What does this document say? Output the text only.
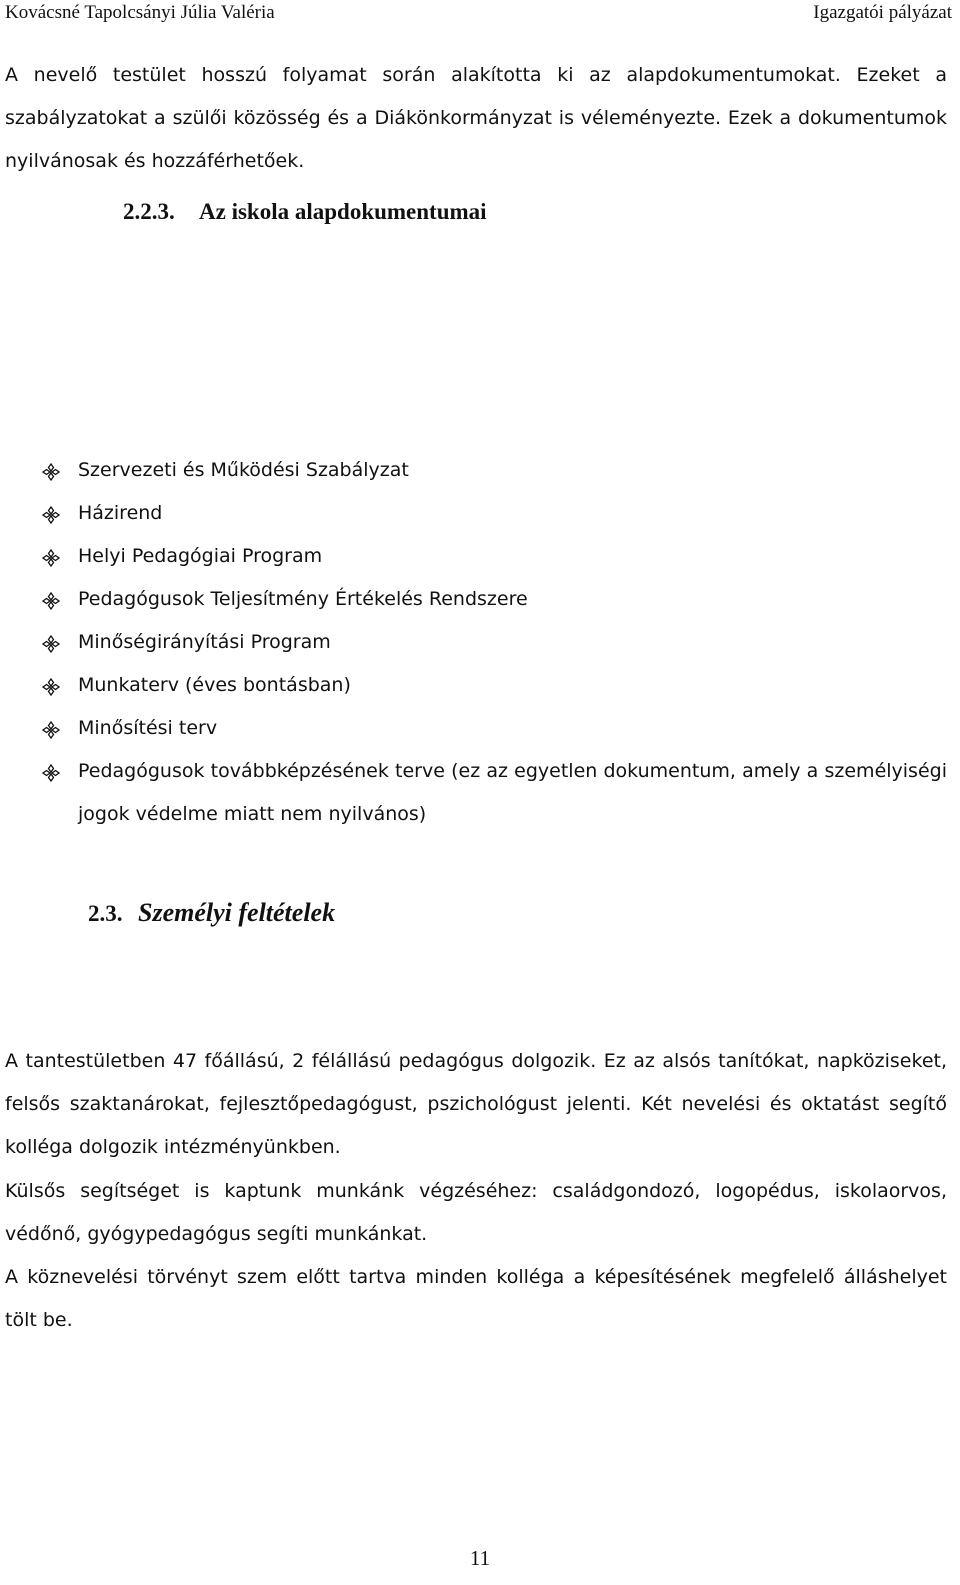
Kovácsné Tapolcsányi Júlia Valéria	Igazgatói pályázat
2.2.3. Az iskola alapdokumentumai
A nevelő testület hosszú folyamat során alakította ki az alapdokumentumokat. Ezeket a szabályzatokat a szülői közösség és a Diákönkormányzat is véleményezte. Ezek a dokumentumok nyilvánosak és hozzáférhetőek.
Szervezeti és Működési Szabályzat
Házirend
Helyi Pedagógiai Program
Pedagógusok Teljesítmény Értékelés Rendszere
Minőségirányítási Program
Munkaterv (éves bontásban)
Minősítési terv
Pedagógusok továbbképzésének terve (ez az egyetlen dokumentum, amely a személyiségi jogok védelme miatt nem nyilvános)
2.3. Személyi feltételek
A tantestületben 47 főállású, 2 félállású pedagógus dolgozik. Ez az alsós tanítókat, napköziseket, felsős szaktanárokat, fejlesztőpedagógust, pszichológust jelenti. Két nevelési és oktatást segítő kolléga dolgozik intézményünkben.
Külsős segítséget is kaptunk munkánk végzéséhez: családgondozó, logopédus, iskolaorvos, védőnő, gyógypedagógus segíti munkánkat.
A köznevelési törvényt szem előtt tartva minden kolléga a képesítésének megfelelő álláshelyet tölt be.
11
